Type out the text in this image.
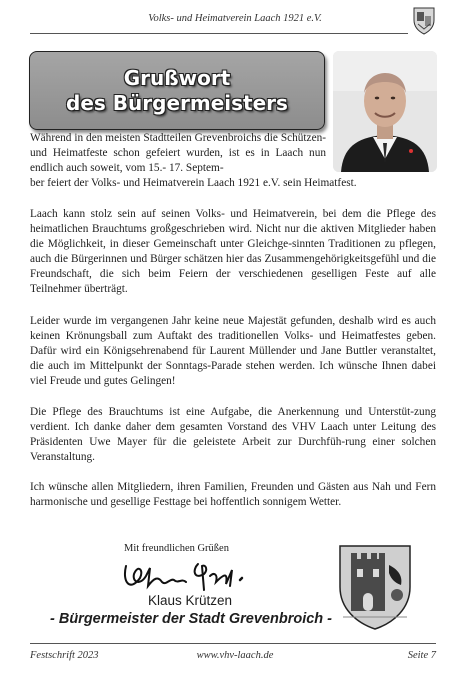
Volks- und Heimatverein Laach 1921 e.V.
Grußwort
des Bürgermeisters

Während in den meisten Stadtteilen Grevenbroichs die Schützen- und Heimatfeste schon gefeiert wurden, ist es in Laach nun endlich auch soweit, vom 15.- 17. Septem-

ber feiert der Volks- und Heimatverein Laach 1921 e.V. sein Heimatfest.

Laach kann stolz sein auf seinen Volks- und Heimatverein, bei dem die Pflege des heimatlichen Brauchtums großgeschrieben wird. Nicht nur die aktiven Mitglieder haben die Möglichkeit, in dieser Gemeinschaft unter Gleichge-sinnten Traditionen zu pflegen, auch die Bürgerinnen und Bürger schätzen hier das Zusammengehörigkeitsgefühl und die Freundschaft, die sich beim Feiern der verschiedenen geselligen Feste auf alle Teilnehmer überträgt.

Leider wurde im vergangenen Jahr keine neue Majestät gefunden, deshalb wird es auch keinen Krönungsball zum Auftakt des traditionellen Volks- und Heimatfestes geben. Dafür wird ein Königsehrenabend für Laurent Müllender und Jane Buttler veranstaltet, die auch im Mittelpunkt der Sonntags-Parade stehen werden. Ich wünsche Ihnen dabei viel Freude und gutes Gelingen!

Die Pflege des Brauchtums ist eine Aufgabe, die Anerkennung und Unterstüt-zung verdient. Ich danke daher dem gesamten Vorstand des VHV Laach unter Leitung des Präsidenten Uwe Mayer für die geleistete Arbeit zur Durchfüh-rung einer solchen Veranstaltung.

Ich wünsche allen Mitgliedern, ihren Familien, Freunden und Gästen aus Nah und Fern harmonische und gesellige Festtage bei hoffentlich sonnigem Wetter.

Mit freundlichen Grüßen
Klaus Krützen
- Bürgermeister der Stadt Grevenbroich -
Festschrift 2023	www.vhv-laach.de	Seite 7
